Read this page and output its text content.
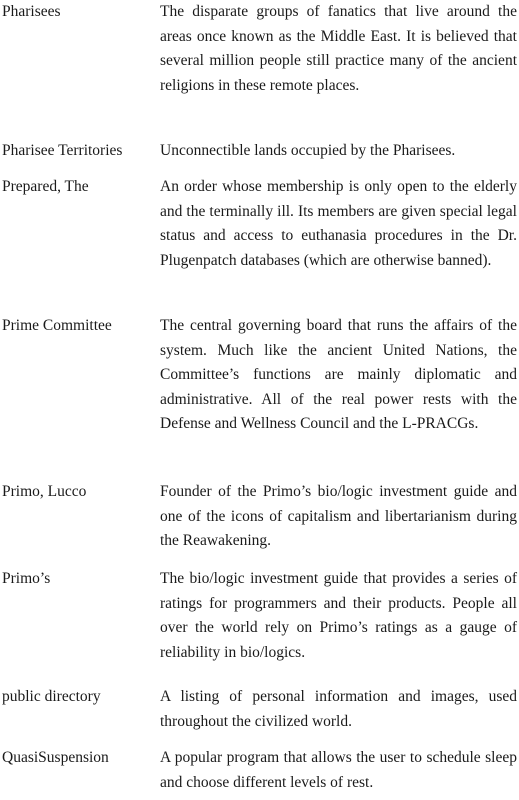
Pharisees	The disparate groups of fanatics that live around the areas once known as the Middle East. It is believed that several million people still practice many of the ancient religions in these remote places.
Pharisee Territories	Unconnectible lands occupied by the Pharisees.
Prepared, The	An order whose membership is only open to the elderly and the terminally ill. Its members are given special legal status and access to euthanasia procedures in the Dr. Plugenpatch databases (which are otherwise banned).
Prime Committee	The central governing board that runs the affairs of the system. Much like the ancient United Nations, the Committee’s functions are mainly diplomatic and administrative. All of the real power rests with the Defense and Wellness Council and the L-PRACGs.
Primo, Lucco	Founder of the Primo’s bio/logic investment guide and one of the icons of capitalism and libertarianism during the Reawakening.
Primo’s	The bio/logic investment guide that provides a series of ratings for programmers and their products. People all over the world rely on Primo’s ratings as a gauge of reliability in bio/logics.
public directory	A listing of personal information and images, used throughout the civilized world.
QuasiSuspension	A popular program that allows the user to schedule sleep and choose different levels of rest.
